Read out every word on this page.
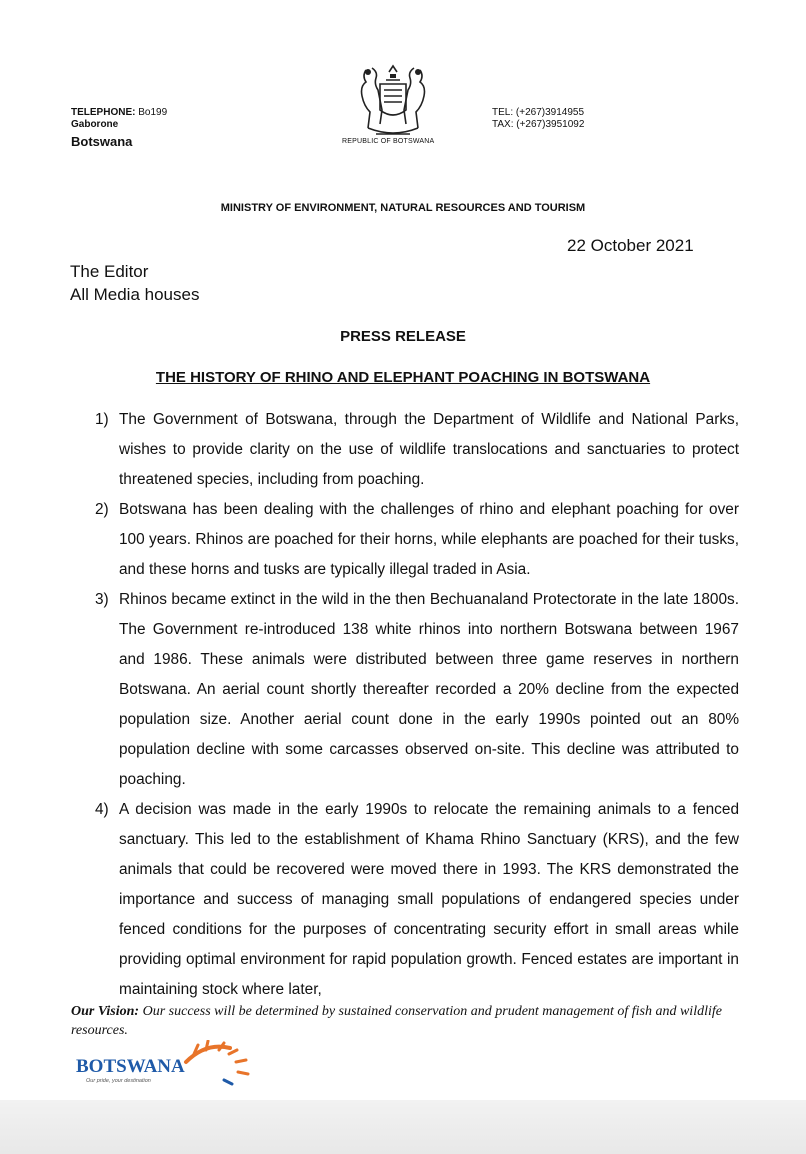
TELEPHONE: Bo199
Gaborone
Botswana	REPUBLIC OF BOTSWANA
TEL: (+267)3914955
TAX: (+267)3951092
MINISTRY OF ENVIRONMENT, NATURAL RESOURCES AND TOURISM
22 October 2021
The Editor
All Media houses
PRESS RELEASE
THE HISTORY OF RHINO AND ELEPHANT POACHING IN BOTSWANA
1) The Government of Botswana, through the Department of Wildlife and National Parks, wishes to provide clarity on the use of wildlife translocations and sanctuaries to protect threatened species, including from poaching.
2) Botswana has been dealing with the challenges of rhino and elephant poaching for over 100 years. Rhinos are poached for their horns, while elephants are poached for their tusks, and these horns and tusks are typically illegal traded in Asia.
3) Rhinos became extinct in the wild in the then Bechuanaland Protectorate in the late 1800s. The Government re-introduced 138 white rhinos into northern Botswana between 1967 and 1986. These animals were distributed between three game reserves in northern Botswana. An aerial count shortly thereafter recorded a 20% decline from the expected population size. Another aerial count done in the early 1990s pointed out an 80% population decline with some carcasses observed on-site. This decline was attributed to poaching.
4) A decision was made in the early 1990s to relocate the remaining animals to a fenced sanctuary. This led to the establishment of Khama Rhino Sanctuary (KRS), and the few animals that could be recovered were moved there in 1993. The KRS demonstrated the importance and success of managing small populations of endangered species under fenced conditions for the purposes of concentrating security effort in small areas while providing optimal environment for rapid population growth. Fenced estates are important in maintaining stock where later,
Our Vision: Our success will be determined by sustained conservation and prudent management of fish and wildlife resources.
BOTSWANA
Our pride, your destination
